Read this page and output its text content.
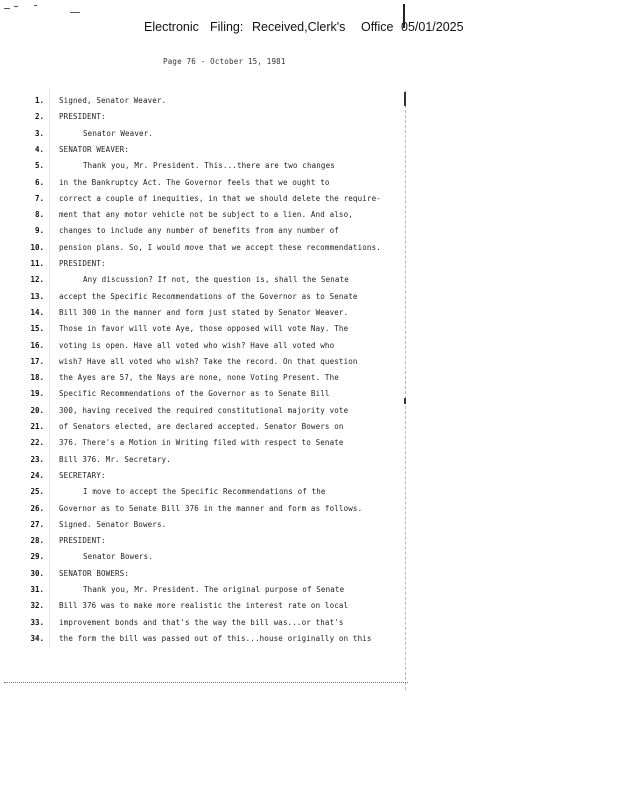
Electronic Filing: Received,Clerk's Office 05/01/2025
Page 76 - October 15, 1981
1. Signed, Senator Weaver.
2. PRESIDENT:
3.	Senator Weaver.
4. SENATOR WEAVER:
5.	Thank you, Mr. President. This...there are two changes
6. in the Bankruptcy Act. The Governor feels that we ought to
7. correct a couple of inequities, in that we should delete the require-
8. ment that any motor vehicle not be subject to a lien. And also,
9. changes to include any number of benefits from any number of
10. pension plans. So, I would move that we accept these recommendations.
11. PRESIDENT:
12.	Any discussion? If not, the question is, shall the Senate
13. accept the Specific Recommendations of the Governor as to Senate
14. Bill 300 in the manner and form just stated by Senator Weaver.
15. Those in favor will vote Aye, those opposed will vote Nay. The
16. voting is open. Have all voted who wish? Have all voted who
17. wish? Have all voted who wish? Take the record. On that question
18. the Ayes are 57, the Nays are none, none Voting Present. The
19. Specific Recommendations of the Governor as to Senate Bill
20. 300, having received the required constitutional majority vote
21. of Senators elected, are declared accepted. Senator Bowers on
22. 376. There's a Motion in Writing filed with respect to Senate
23. Bill 376. Mr. Secretary.
24. SECRETARY:
25.	I move to accept the Specific Recommendations of the
26. Governor as to Senate Bill 376 in the manner and form as follows.
27. Signed. Senator Bowers.
28. PRESIDENT:
29.	Senator Bowers.
30. SENATOR BOWERS:
31.	Thank you, Mr. President. The original purpose of Senate
32. Bill 376 was to make more realistic the interest rate on local
33. improvement bonds and that's the way the bill was...or that's
34. the form the bill was passed out of this...house originally on this
